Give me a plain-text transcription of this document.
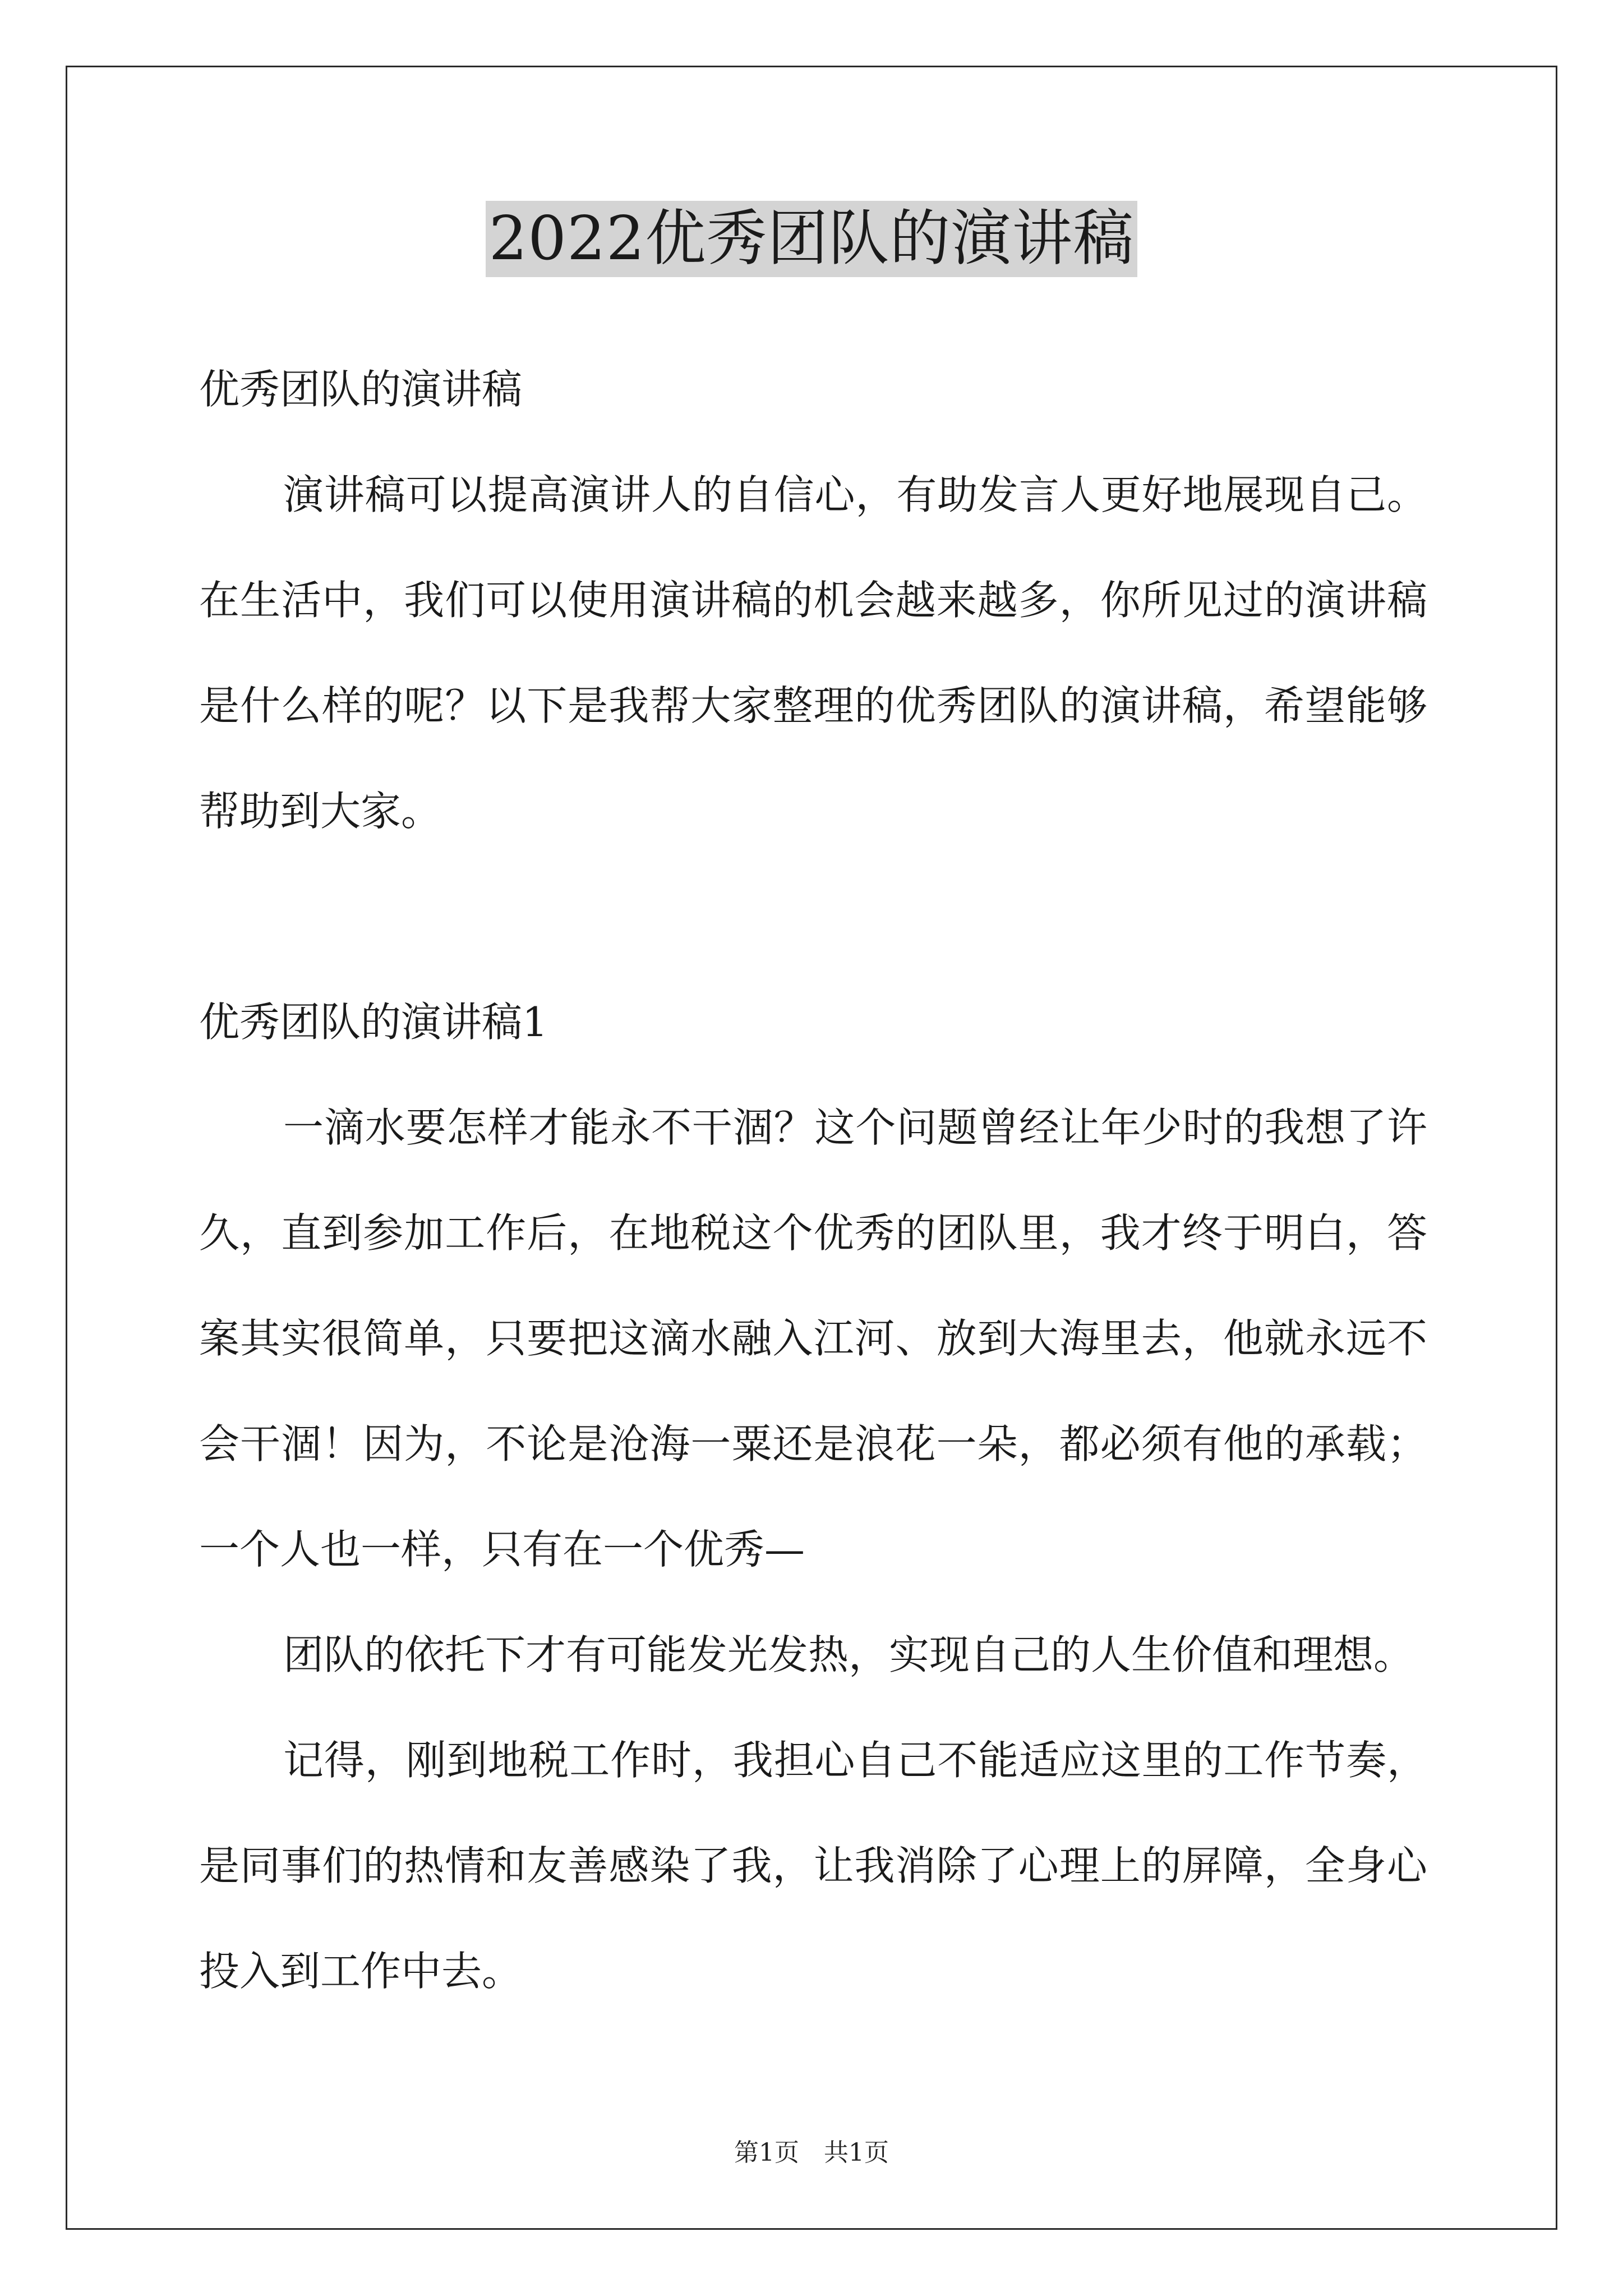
2022优秀团队的演讲稿
优秀团队的演讲稿
演讲稿可以提高演讲人的自信心，有助发言人更好地展现自己。
在生活中，我们可以使用演讲稿的机会越来越多，你所见过的演讲稿
是什么样的呢？以下是我帮大家整理的优秀团队的演讲稿，希望能够
帮助到大家。
优秀团队的演讲稿1
一滴水要怎样才能永不干涸？这个问题曾经让年少时的我想了许
久，直到参加工作后，在地税这个优秀的团队里，我才终于明白，答
案其实很简单，只要把这滴水融入江河、放到大海里去，他就永远不
会干涸！因为，不论是沧海一粟还是浪花一朵，都必须有他的承载；
一个人也一样，只有在一个优秀—
团队的依托下才有可能发光发热，实现自己的人生价值和理想。
记得，刚到地税工作时，我担心自己不能适应这里的工作节奏，
是同事们的热情和友善感染了我，让我消除了心理上的屏障，全身心
投入到工作中去。
第1页　共1页
